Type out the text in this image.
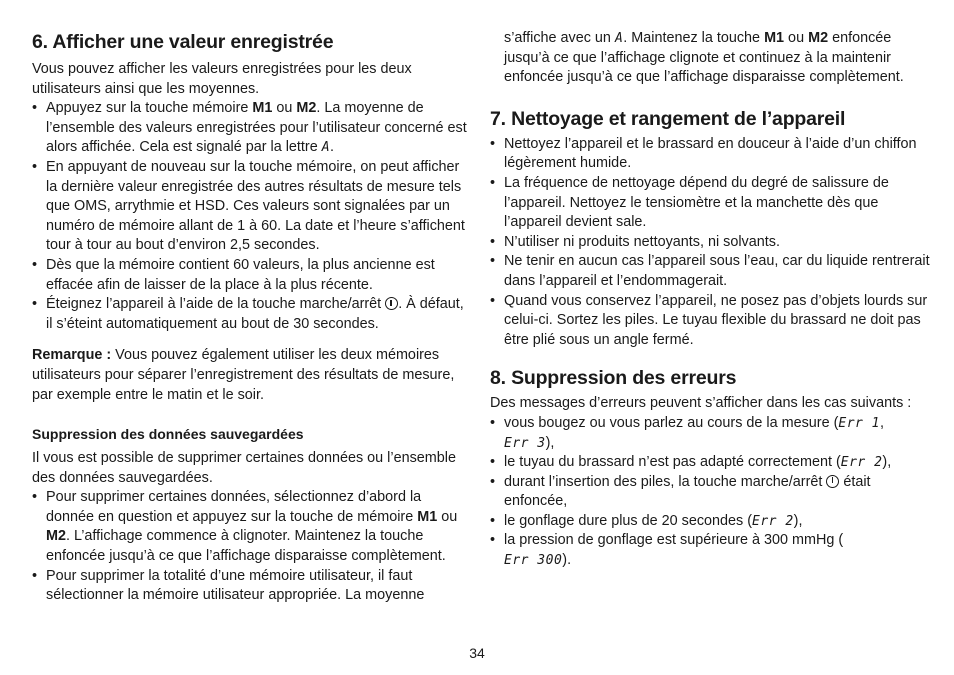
6. Afficher une valeur enregistrée

Vous pouvez afficher les valeurs enregistrées pour les deux utilisateurs ainsi que les moyennes.

• Appuyez sur la touche mémoire M1 ou M2. La moyenne de l’ensemble des valeurs enregistrées pour l’utilisateur concerné est alors affichée. Cela est signalé par la lettre A.
• En appuyant de nouveau sur la touche mémoire, on peut afficher la dernière valeur enregistrée des autres résultats de mesure tels que OMS, arrythmie et HSD. Ces valeurs sont signalées par un numéro de mémoire allant de 1 à 60. La date et l’heure s’affichent tour à tour au bout d’environ 2,5 secondes.
• Dès que la mémoire contient 60 valeurs, la plus ancienne est effacée afin de laisser de la place à la plus récente.
• Éteignez l’appareil à l’aide de la touche marche/arrêt . À défaut, il s’éteint automatiquement au bout de 30 secondes.

Remarque : Vous pouvez également utiliser les deux mémoires utilisateurs pour séparer l’enregistrement des résultats de mesure, par exemple entre le matin et le soir.

Suppression des données sauvegardées

Il vous est possible de supprimer certaines données ou l’ensemble des données sauvegardées.

• Pour supprimer certaines données, sélectionnez d’abord la donnée en question et appuyez sur la touche de mémoire M1 ou M2. L’affichage commence à clignoter. Maintenez la touche enfoncée jusqu’à ce que l’affichage disparaisse complètement.
• Pour supprimer la totalité d’une mémoire utilisateur, il faut sélectionner la mémoire utilisateur appropriée. La moyenne

s’affiche avec un A. Maintenez la touche M1 ou M2 enfoncée jusqu’à ce que l’affichage clignote et continuez à la maintenir enfoncée jusqu’à ce que l’affichage disparaisse complètement.

7. Nettoyage et rangement de l’appareil
• Nettoyez l’appareil et le brassard en douceur à l’aide d’un chiffon légèrement humide.
• La fréquence de nettoyage dépend du degré de salissure de l’appareil. Nettoyez le tensiomètre et la manchette dès que l’appareil devient sale.
• N’utiliser ni produits nettoyants, ni solvants.
• Ne tenir en aucun cas l’appareil sous l’eau, car du liquide rentrerait dans l’appareil et l’endommagerait.
• Quand vous conservez l’appareil, ne posez pas d’objets lourds sur celui-ci. Sortez les piles. Le tuyau flexible du brassard ne doit pas être plié sous un angle fermé.
8. Suppression des erreurs

Des messages d’erreurs peuvent s’afficher dans les cas suivants :

• vous bougez ou vous parlez au cours de la mesure (Err 1,
Err 3),
• le tuyau du brassard n’est pas adapté correctement (Err 2),
• durant l’insertion des piles, la touche marche/arrêt  était enfoncée,
• le gonflage dure plus de 20 secondes (Err 2),
• la pression de gonflage est supérieure à 300 mmHg (
Err 300).
34
